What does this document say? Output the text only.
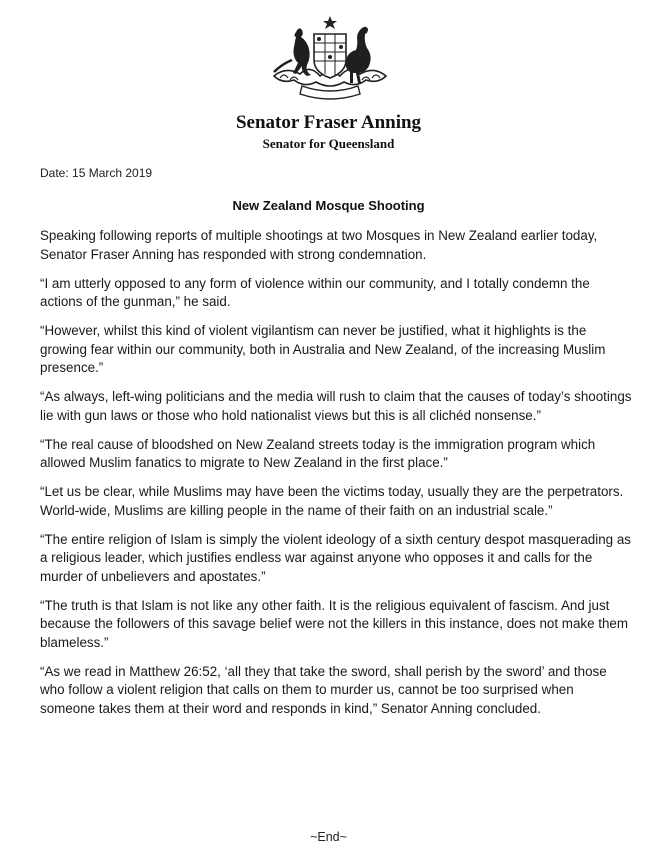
Senator Fraser Anning
Senator for Queensland
Date: 15 March 2019
New Zealand Mosque Shooting

Speaking following reports of multiple shootings at two Mosques in New Zealand earlier today, Senator Fraser Anning has responded with strong condemnation.

“I am utterly opposed to any form of violence within our community, and I totally condemn the actions of the gunman,” he said.

“However, whilst this kind of violent vigilantism can never be justified, what it highlights is the growing fear within our community, both in Australia and New Zealand, of the increasing Muslim presence.”

“As always, left-wing politicians and the media will rush to claim that the causes of today’s shootings lie with gun laws or those who hold nationalist views but this is all clichéd nonsense.”

“The real cause of bloodshed on New Zealand streets today is the immigration program which allowed Muslim fanatics to migrate to New Zealand in the first place.”

“Let us be clear, while Muslims may have been the victims today, usually they are the perpetrators. World-wide, Muslims are killing people in the name of their faith on an industrial scale.”

“The entire religion of Islam is simply the violent ideology of a sixth century despot masquerading as a religious leader, which justifies endless war against anyone who opposes it and calls for the murder of unbelievers and apostates.”

“The truth is that Islam is not like any other faith. It is the religious equivalent of fascism. And just because the followers of this savage belief were not the killers in this instance, does not make them blameless.”

“As we read in Matthew 26:52, ‘all they that take the sword, shall perish by the sword’ and those who follow a violent religion that calls on them to murder us, cannot be too surprised when someone takes them at their word and responds in kind,” Senator Anning concluded.

~End~
